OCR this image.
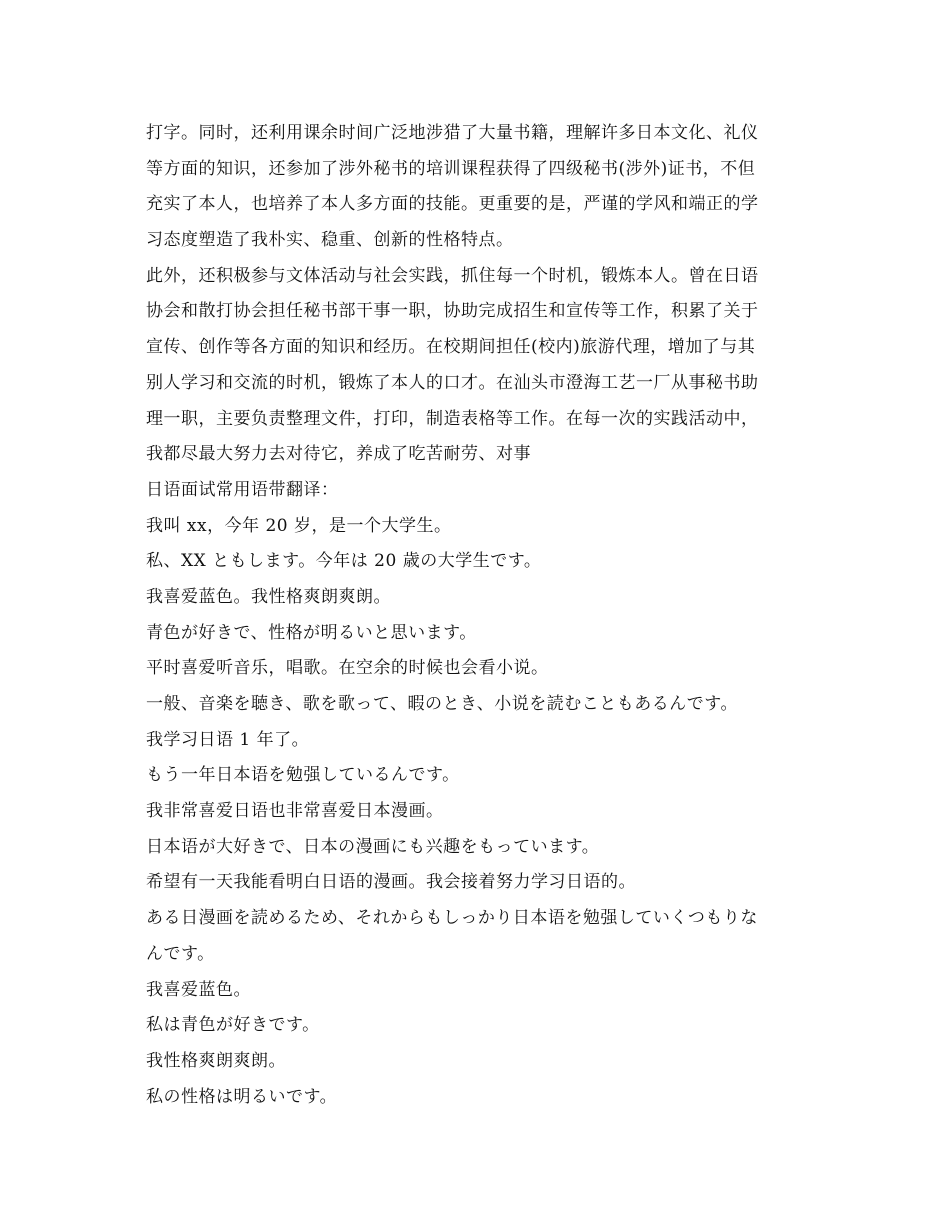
打字。同时，还利用课余时间广泛地涉猎了大量书籍，理解许多日本文化、礼仪
等方面的知识，还参加了涉外秘书的培训课程获得了四级秘书(涉外)证书，不但
充实了本人，也培养了本人多方面的技能。更重要的是，严谨的学风和端正的学
习态度塑造了我朴实、稳重、创新的性格特点。
此外，还积极参与文体活动与社会实践，抓住每一个时机，锻炼本人。曾在日语
协会和散打协会担任秘书部干事一职，协助完成招生和宣传等工作，积累了关于
宣传、创作等各方面的知识和经历。在校期间担任(校内)旅游代理，增加了与其
别人学习和交流的时机，锻炼了本人的口才。在汕头市澄海工艺一厂从事秘书助
理一职，主要负责整理文件，打印，制造表格等工作。在每一次的实践活动中，
我都尽最大努力去对待它，养成了吃苦耐劳、对事
日语面试常用语带翻译：
我叫 xx，今年 20 岁，是一个大学生。
私、XX ともします。今年は 20 歳の大学生です。
我喜爱蓝色。我性格爽朗爽朗。
青色が好きで、性格が明るいと思います。
平时喜爱听音乐，唱歌。在空余的时候也会看小说。
一般、音楽を聴き、歌を歌って、暇のとき、小说を読むこともあるんです。
我学习日语 1 年了。
もう一年日本语を勉强しているんです。
我非常喜爱日语也非常喜爱日本漫画。
日本语が大好きで、日本の漫画にも兴趣をもっています。
希望有一天我能看明白日语的漫画。我会接着努力学习日语的。
ある日漫画を読めるため、それからもしっかり日本语を勉强していくつもりな
んです。
我喜爱蓝色。
私は青色が好きです。
我性格爽朗爽朗。
私の性格は明るいです。
